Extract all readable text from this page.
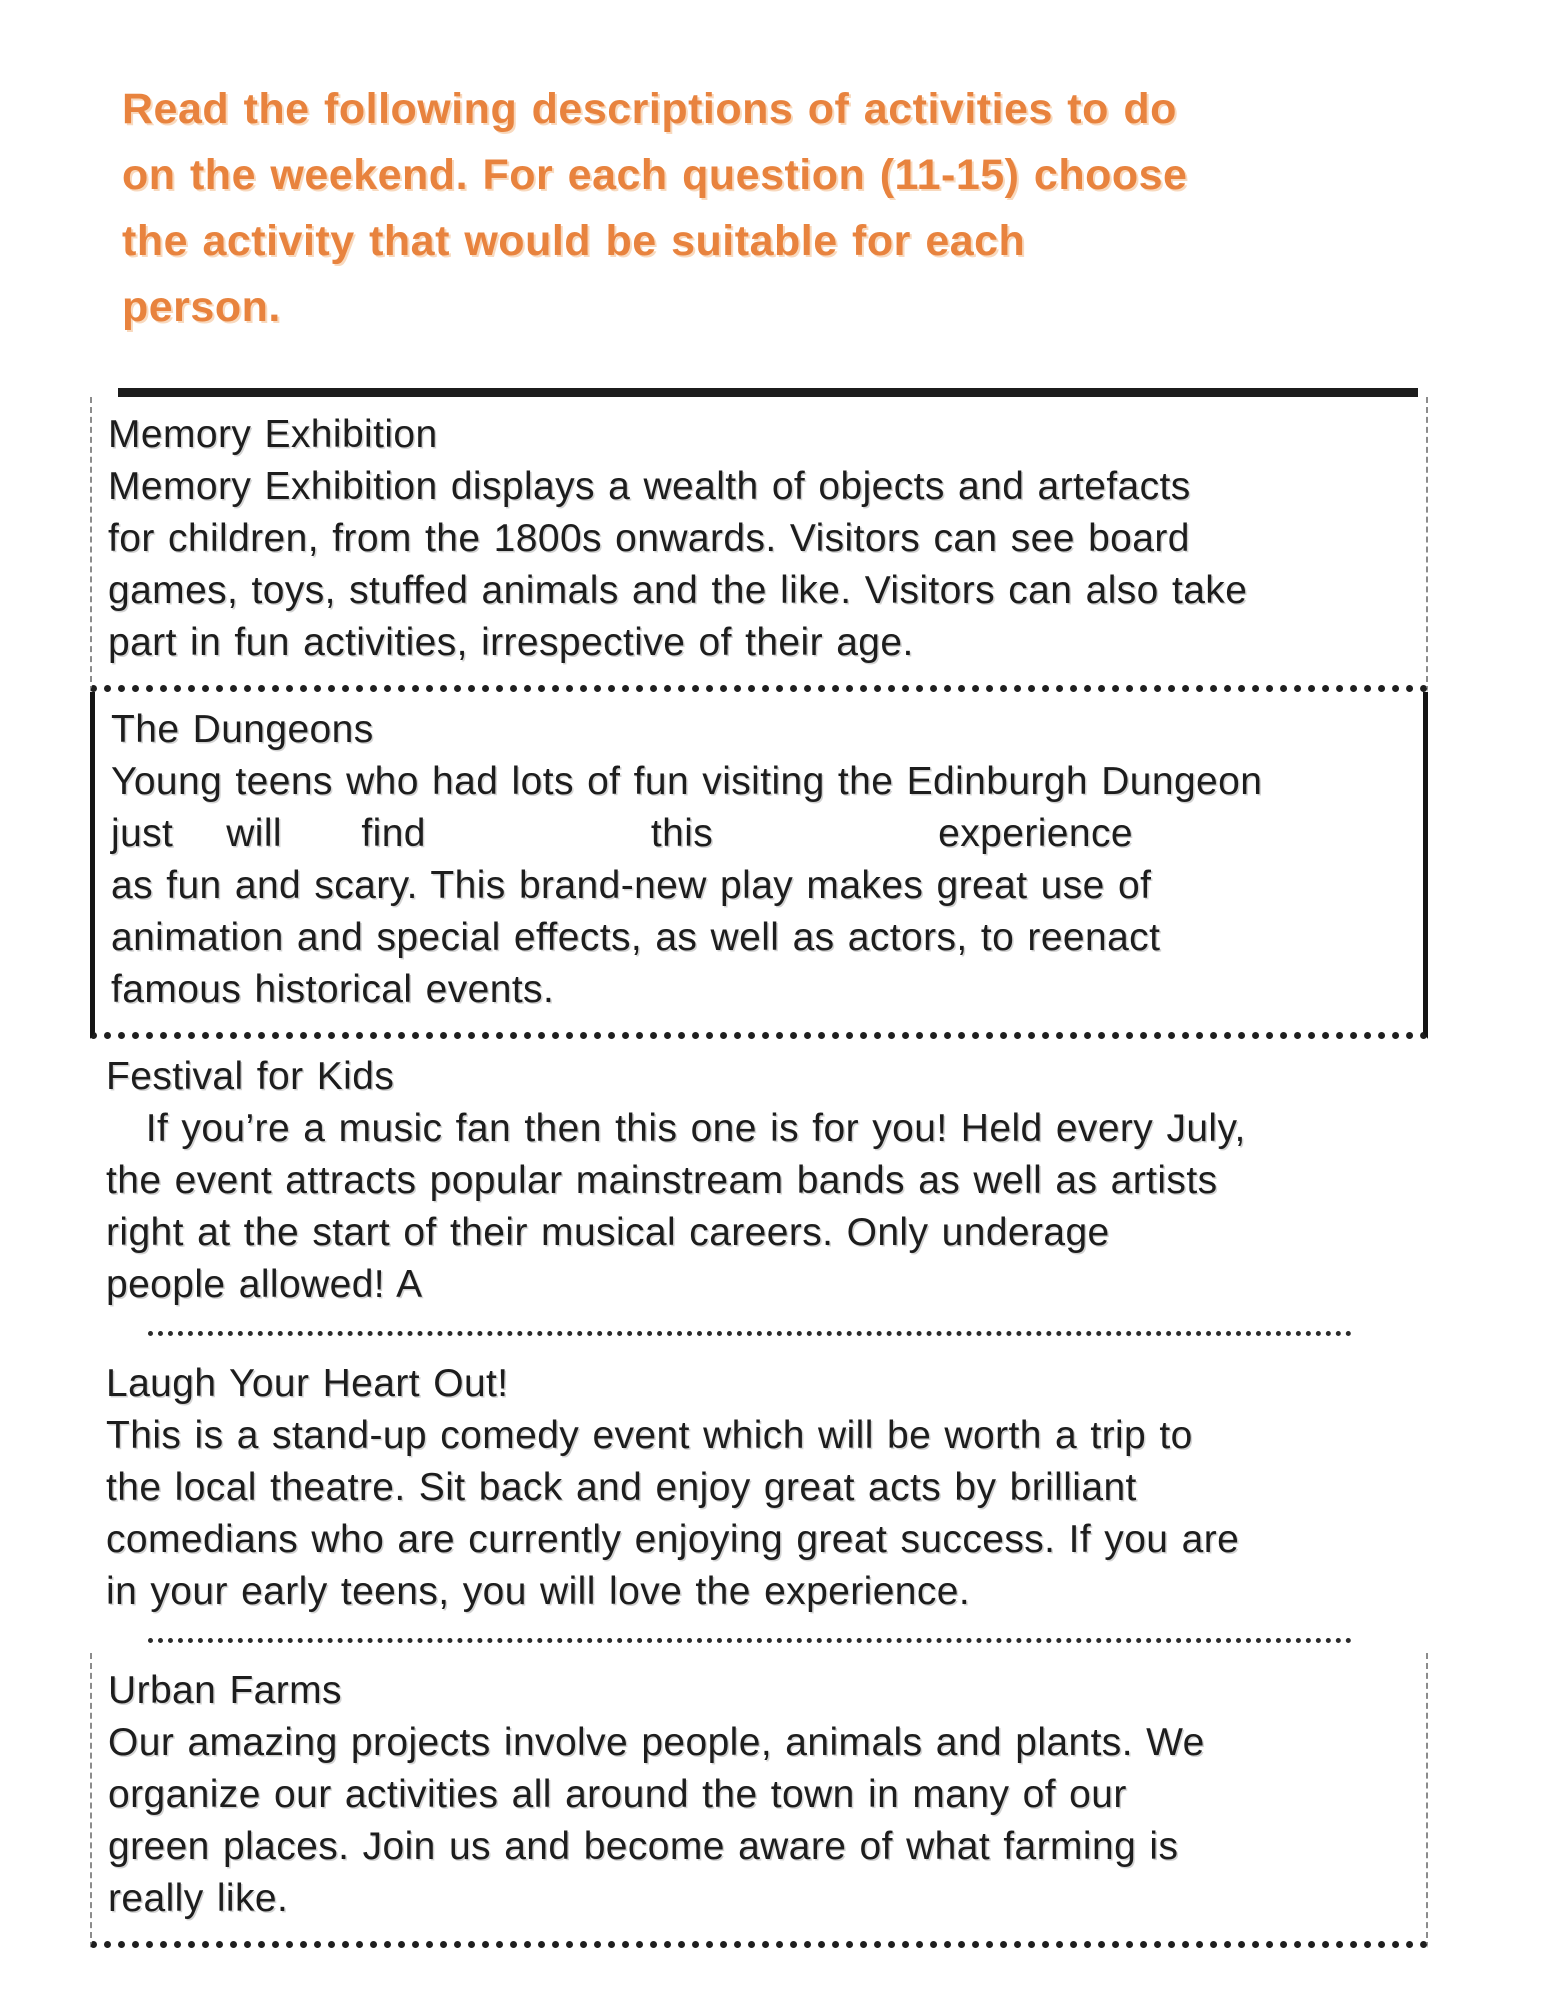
Read the following descriptions of activities to do
on the weekend. For each question (11-15) choose
the activity that would be suitable for each
person.
Memory Exhibition
Memory Exhibition displays a wealth of objects and artefacts
for children, from the 1800s onwards. Visitors can see board
games, toys, stuffed animals and the like. Visitors can also take
part in fun activities, irrespective of their age.
The Dungeons
Young teens who had lots of fun visiting the Edinburgh Dungeon
just    will      find                 this                 experience
as fun and scary. This brand-new play makes great use of
animation and special effects, as well as actors, to reenact
famous historical events.
Festival for Kids
If you’re a music fan then this one is for you! Held every July,
the event attracts popular mainstream bands as well as artists
right at the start of their musical careers. Only underage
people allowed! A
Laugh Your Heart Out!
This is a stand-up comedy event which will be worth a trip to
the local theatre. Sit back and enjoy great acts by brilliant
comedians who are currently enjoying great success. If you are
in your early teens, you will love the experience.
Urban Farms
Our amazing projects involve people, animals and plants. We
organize our activities all around the town in many of our
green places. Join us and become aware of what farming is
really like.
